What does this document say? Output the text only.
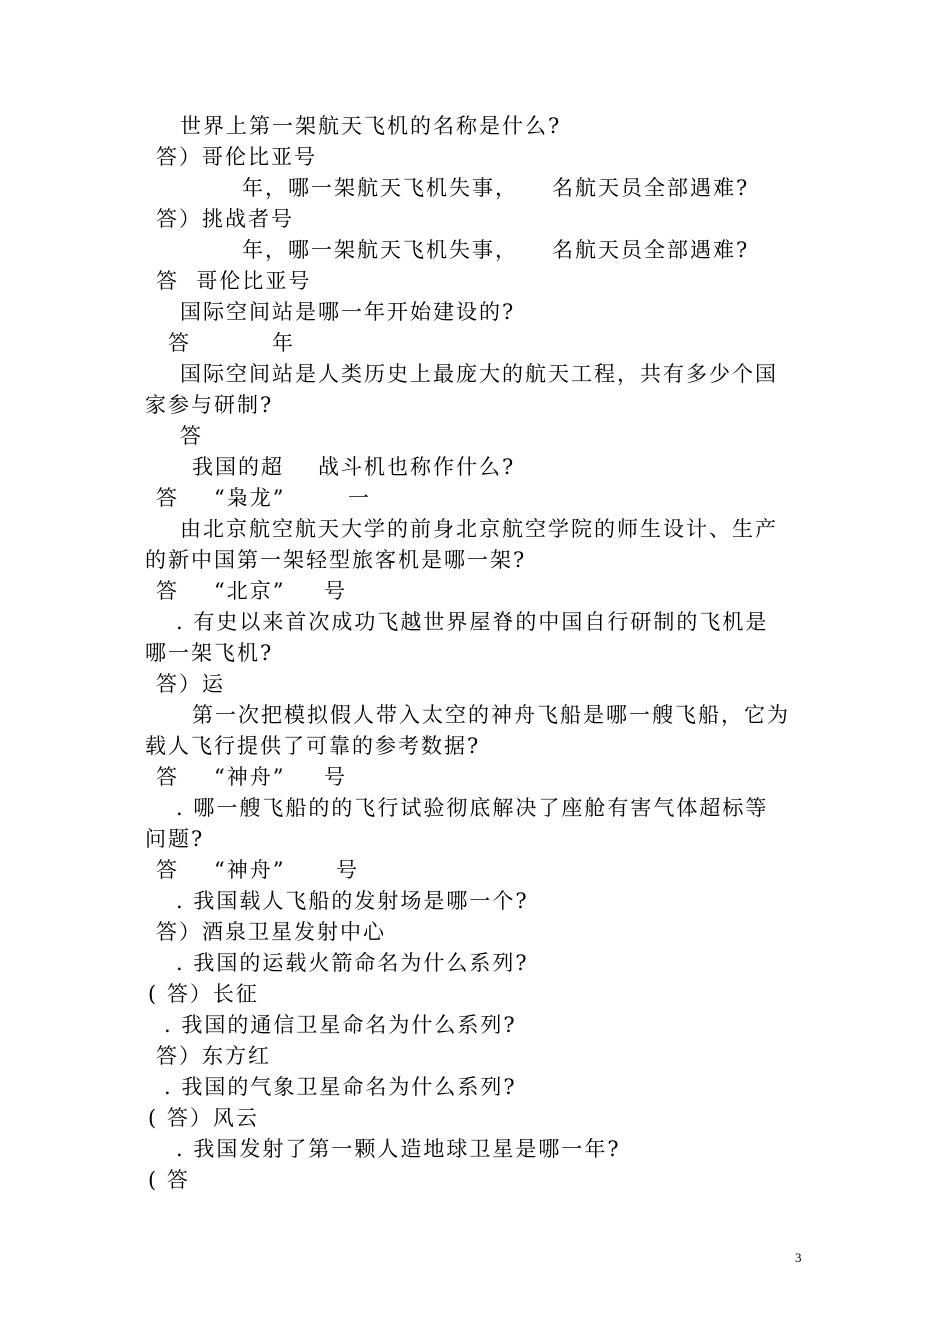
世界上第一架航天飞机的名称是什么?
答）哥伦比亚号
年，哪一架航天飞机失事， 名航天员全部遇难?
答）挑战者号
年，哪一架航天飞机失事， 名航天员全部遇难?
答  哥伦比亚号
国际空间站是哪一年开始建设的?
答	年
国际空间站是人类历史上最庞大的航天工程，共有多少个国
家参与研制?
答
我国的超 战斗机也称作什么?
答 “枭龙”	一
由北京航空航天大学的前身北京航空学院的师生设计、生产
的新中国第一架轻型旅客机是哪一架?
答 “北京” 号
. 有史以来首次成功飞越世界屋脊的中国自行研制的飞机是
哪一架飞机?
答）运
第一次把模拟假人带入太空的神舟飞船是哪一艘飞船，它为
载人飞行提供了可靠的参考数据?
答 “神舟” 号
. 哪一艘飞船的的飞行试验彻底解决了座舱有害气体超标等
问题?
答 “神舟” 号
. 我国载人飞船的发射场是哪一个?
答）酒泉卫星发射中心
. 我国的运载火箭命名为什么系列?
( 答）长征
. 我国的通信卫星命名为什么系列?
答）东方红
. 我国的气象卫星命名为什么系列?
( 答）风云
. 我国发射了第一颗人造地球卫星是哪一年?
( 答
3
